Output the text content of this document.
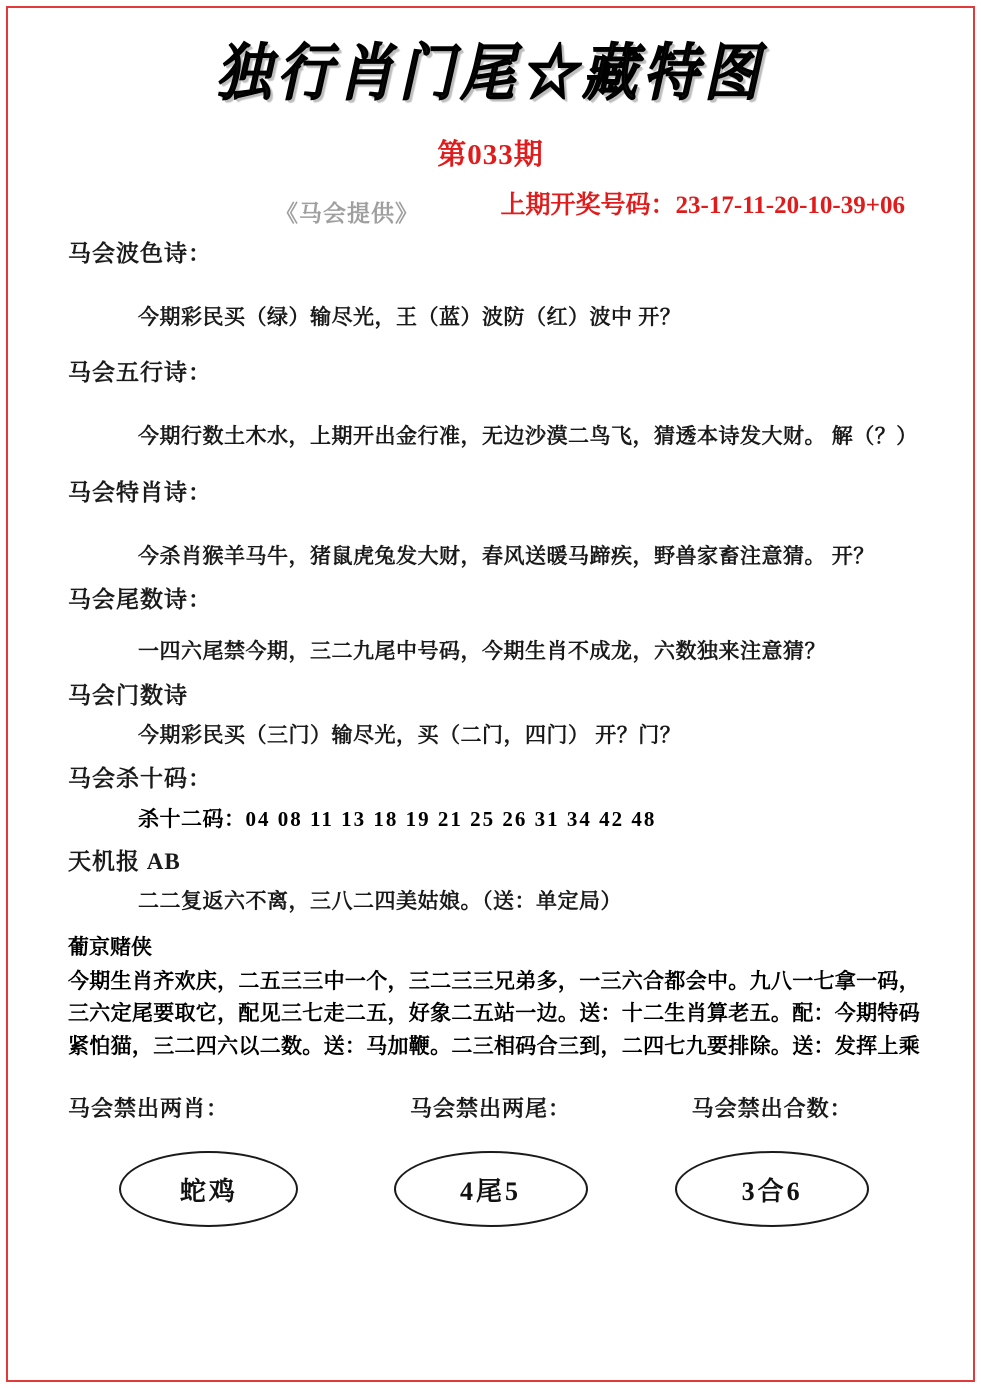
独行肖门尾☆藏特图
第033期
上期开奖号码：23-17-11-20-10-39+06
《马会提供》
马会波色诗：
今期彩民买（绿）输尽光，王（蓝）波防（红）波中 开？
马会五行诗：
今期行数土木水，上期开出金行准，无边沙漠二鸟飞，猜透本诗发大财。 解（？）
马会特肖诗：
今杀肖猴羊马牛，猪鼠虎兔发大财，春风送暖马蹄疾，野兽家畜注意猜。 开？
马会尾数诗：
一四六尾禁今期，三二九尾中号码，今期生肖不成龙，六数独来注意猜？
马会门数诗
今期彩民买（三门）输尽光，买（二门，四门） 开？门？
马会杀十码：
杀十二码：04 08 11 13 18 19 21 25 26 31 34 42 48
天机报 AB
二二复返六不离，三八二四美姑娘。（送：单定局）
葡京赌侠
今期生肖齐欢庆，二五三三中一个，三二三三兄弟多，一三六合都会中。九八一七拿一码，三六定尾要取它，配见三七走二五，好象二五站一边。送：十二生肖算老五。配：今期特码紧怕猫，三二四六以二数。送：马加鞭。二三相码合三到，二四七九要排除。送：发挥上乘
马会禁出两肖：
蛇鸡
马会禁出两尾：
4尾5
马会禁出合数：
3合6
